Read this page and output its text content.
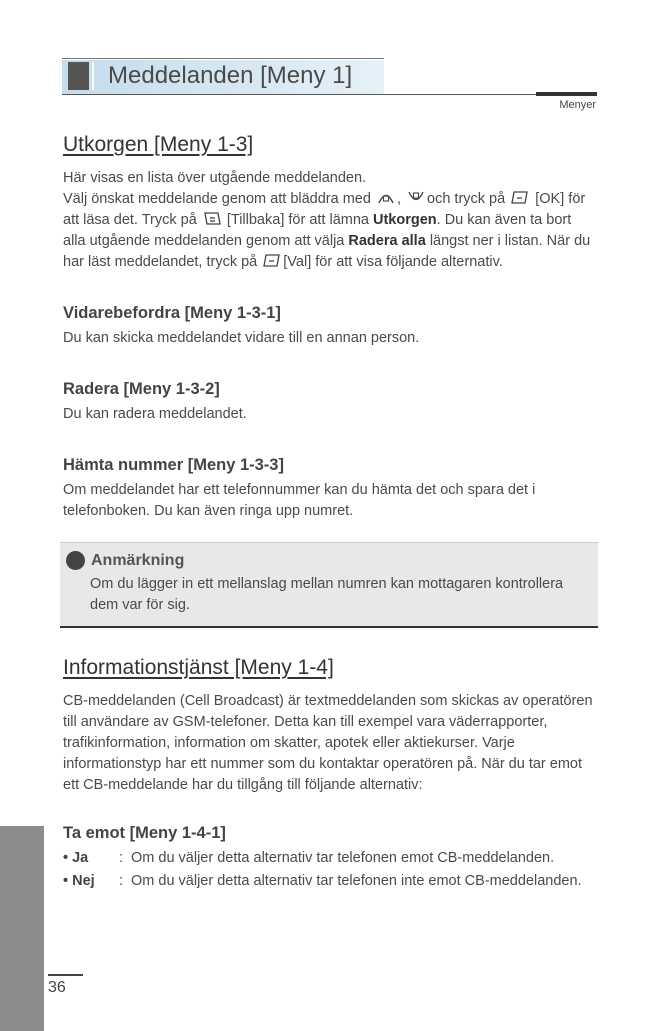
Meddelanden [Meny 1]
Menyer
Utkorgen [Meny 1-3]

Här visas en lista över utgående meddelanden.

Välj önskat meddelande genom att bläddra med , och tryck på [OK] för att läsa det. Tryck på [Tillbaka] för att lämna Utkorgen. Du kan även ta bort alla utgående meddelanden genom att välja Radera alla längst ner i listan. När du har läst meddelandet, tryck på [Val] för att visa följande alternativ.

Vidarebefordra [Meny 1-3-1]

Du kan skicka meddelandet vidare till en annan person.

Radera [Meny 1-3-2]

Du kan radera meddelandet.

Hämta nummer [Meny 1-3-3]

Om meddelandet har ett telefonnummer kan du hämta det och spara det i telefonboken. Du kan även ringa upp numret.

Anmärkning

Om du lägger in ett mellanslag mellan numren kan mottagaren kontrollera dem var för sig.

Informationstjänst [Meny 1-4]

CB-meddelanden (Cell Broadcast) är textmeddelanden som skickas av operatören till användare av GSM-telefoner. Detta kan till exempel vara väderrapporter, trafikinformation, information om skatter, apotek eller aktiekurser. Varje informationstyp har ett nummer som du kontaktar operatören på. När du tar emot ett CB-meddelande har du tillgång till följande alternativ:

Ta emot [Meny 1-4-1]
• Ja	: Om du väljer detta alternativ tar telefonen emot CB-meddelanden.

• Nej	: Om du väljer detta alternativ tar telefonen inte emot CB-meddelanden.

36
